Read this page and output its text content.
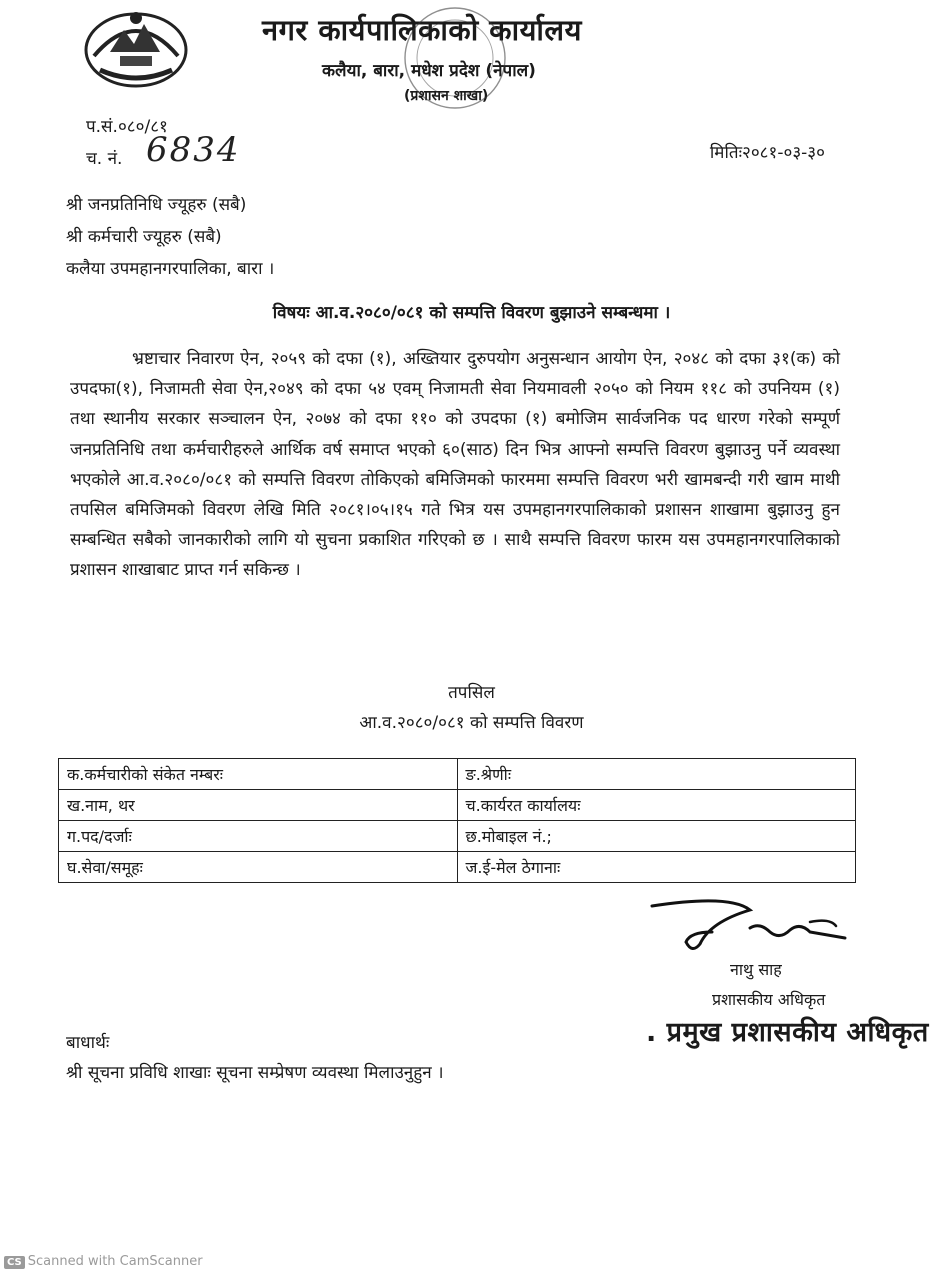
नगर कार्यपालिकाको कार्यालय
कलैया, बारा, मधेश प्रदेश (नेपाल)
(प्रशासन शाखा)
प.सं.०८०/८१
च. नं. 6834	मितिः२०८१-०३-३०
श्री जनप्रतिनिधि ज्यूहरु (सबै)
श्री कर्मचारी ज्यूहरु (सबै)
कलैया उपमहानगरपालिका, बारा ।
विषयः आ.व.२०८०/०८१ को सम्पत्ति विवरण बुझाउने सम्बन्धमा ।
भ्रष्टाचार निवारण ऐन, २०५९ को दफा (१), अख्तियार दुरुपयोग अनुसन्धान आयोग ऐन, २०४८ को दफा ३१(क) को उपदफा(१), निजामती सेवा ऐन,२०४९ को दफा ५४ एवम् निजामती सेवा नियमावली २०५० को नियम ११८ को उपनियम (१) तथा स्थानीय सरकार सञ्चालन ऐन, २०७४ को दफा ११० को उपदफा (१) बमोजिम सार्वजनिक पद धारण गरेको सम्पूर्ण जनप्रतिनिधि तथा कर्मचारीहरुले आर्थिक वर्ष समाप्त भएको ६०(साठ) दिन भित्र आफ्नो सम्पत्ति विवरण बुझाउनु पर्ने व्यवस्था भएकोले आ.व.२०८०/०८१ को सम्पत्ति विवरण तोकिएको बमिजिमको फारममा सम्पत्ति विवरण भरी खामबन्दी गरी खाम माथी तपसिल बमिजिमको विवरण लेखि मिति २०८१।०५।१५ गते भित्र यस उपमहानगरपालिकाको प्रशासन शाखामा बुझाउनु हुन सम्बन्धित सबैको जानकारीको लागि यो सुचना प्रकाशित गरिएको छ । साथै सम्पत्ति विवरण फारम यस उपमहानगरपालिकाको प्रशासन शाखाबाट प्राप्त गर्न सकिन्छ ।
तपसिल
आ.व.२०८०/०८१ को सम्पत्ति विवरण
क.कर्मचारीको संकेत नम्बरः	ङ.श्रेणीः
ख.नाम, थर	च.कार्यरत कार्यालयः
ग.पद/दर्जाः	छ.मोबाइल नं.;
घ.सेवा/समूहः	ज.ई-मेल ठेगानाः
नाथु साह
प्रशासकीय अधिकृत
. प्रमुख प्रशासकीय अधिकृत
बाधार्थः
श्री सूचना प्रविधि शाखाः सूचना सम्प्रेषण व्यवस्था मिलाउनुहुन ।
CS Scanned with CamScanner
